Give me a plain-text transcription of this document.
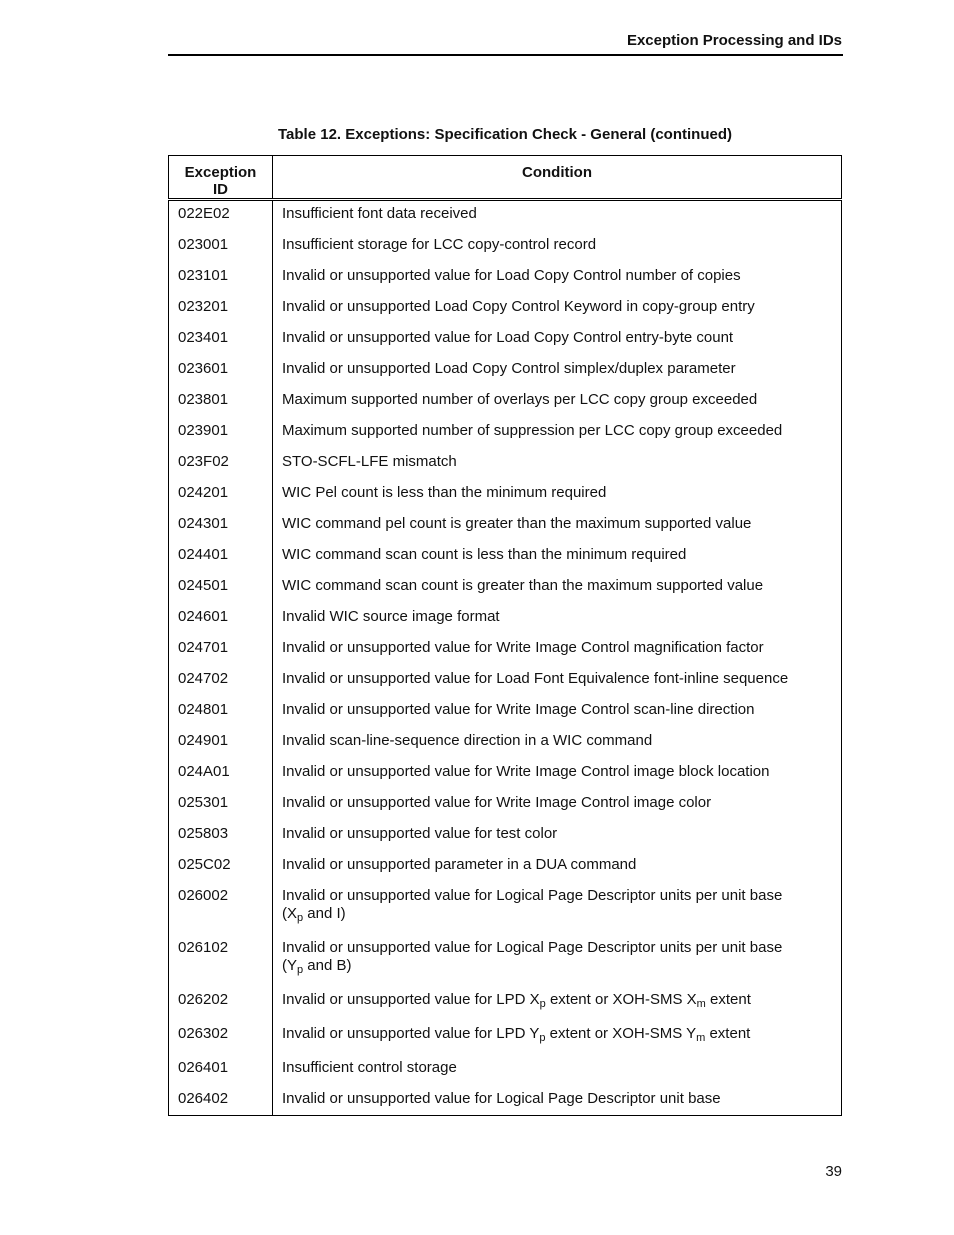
Exception Processing and IDs
Table 12. Exceptions: Specification Check - General (continued)
Exception ID	Condition
022E02	Insufficient font data received
023001	Insufficient storage for LCC copy-control record
023101	Invalid or unsupported value for Load Copy Control number of copies
023201	Invalid or unsupported Load Copy Control Keyword in copy-group entry
023401	Invalid or unsupported value for Load Copy Control entry-byte count
023601	Invalid or unsupported Load Copy Control simplex/duplex parameter
023801	Maximum supported number of overlays per LCC copy group exceeded
023901	Maximum supported number of suppression per LCC copy group exceeded
023F02	STO-SCFL-LFE mismatch
024201	WIC Pel count is less than the minimum required
024301	WIC command pel count is greater than the maximum supported value
024401	WIC command scan count is less than the minimum required
024501	WIC command scan count is greater than the maximum supported value
024601	Invalid WIC source image format
024701	Invalid or unsupported value for Write Image Control magnification factor
024702	Invalid or unsupported value for Load Font Equivalence font-inline sequence
024801	Invalid or unsupported value for Write Image Control scan-line direction
024901	Invalid scan-line-sequence direction in a WIC command
024A01	Invalid or unsupported value for Write Image Control image block location
025301	Invalid or unsupported value for Write Image Control image color
025803	Invalid or unsupported value for test color
025C02	Invalid or unsupported parameter in a DUA command
026002	Invalid or unsupported value for Logical Page Descriptor units per unit base
($X_p$ and I)
026102	Invalid or unsupported value for Logical Page Descriptor units per unit base
($Y_p$ and B)
026202	Invalid or unsupported value for LPD $X_p$ extent or XOH-SMS $X_m$ extent
026302	Invalid or unsupported value for LPD $Y_p$ extent or XOH-SMS $Y_m$ extent
026401	Insufficient control storage
026402	Invalid or unsupported value for Logical Page Descriptor unit base
39
